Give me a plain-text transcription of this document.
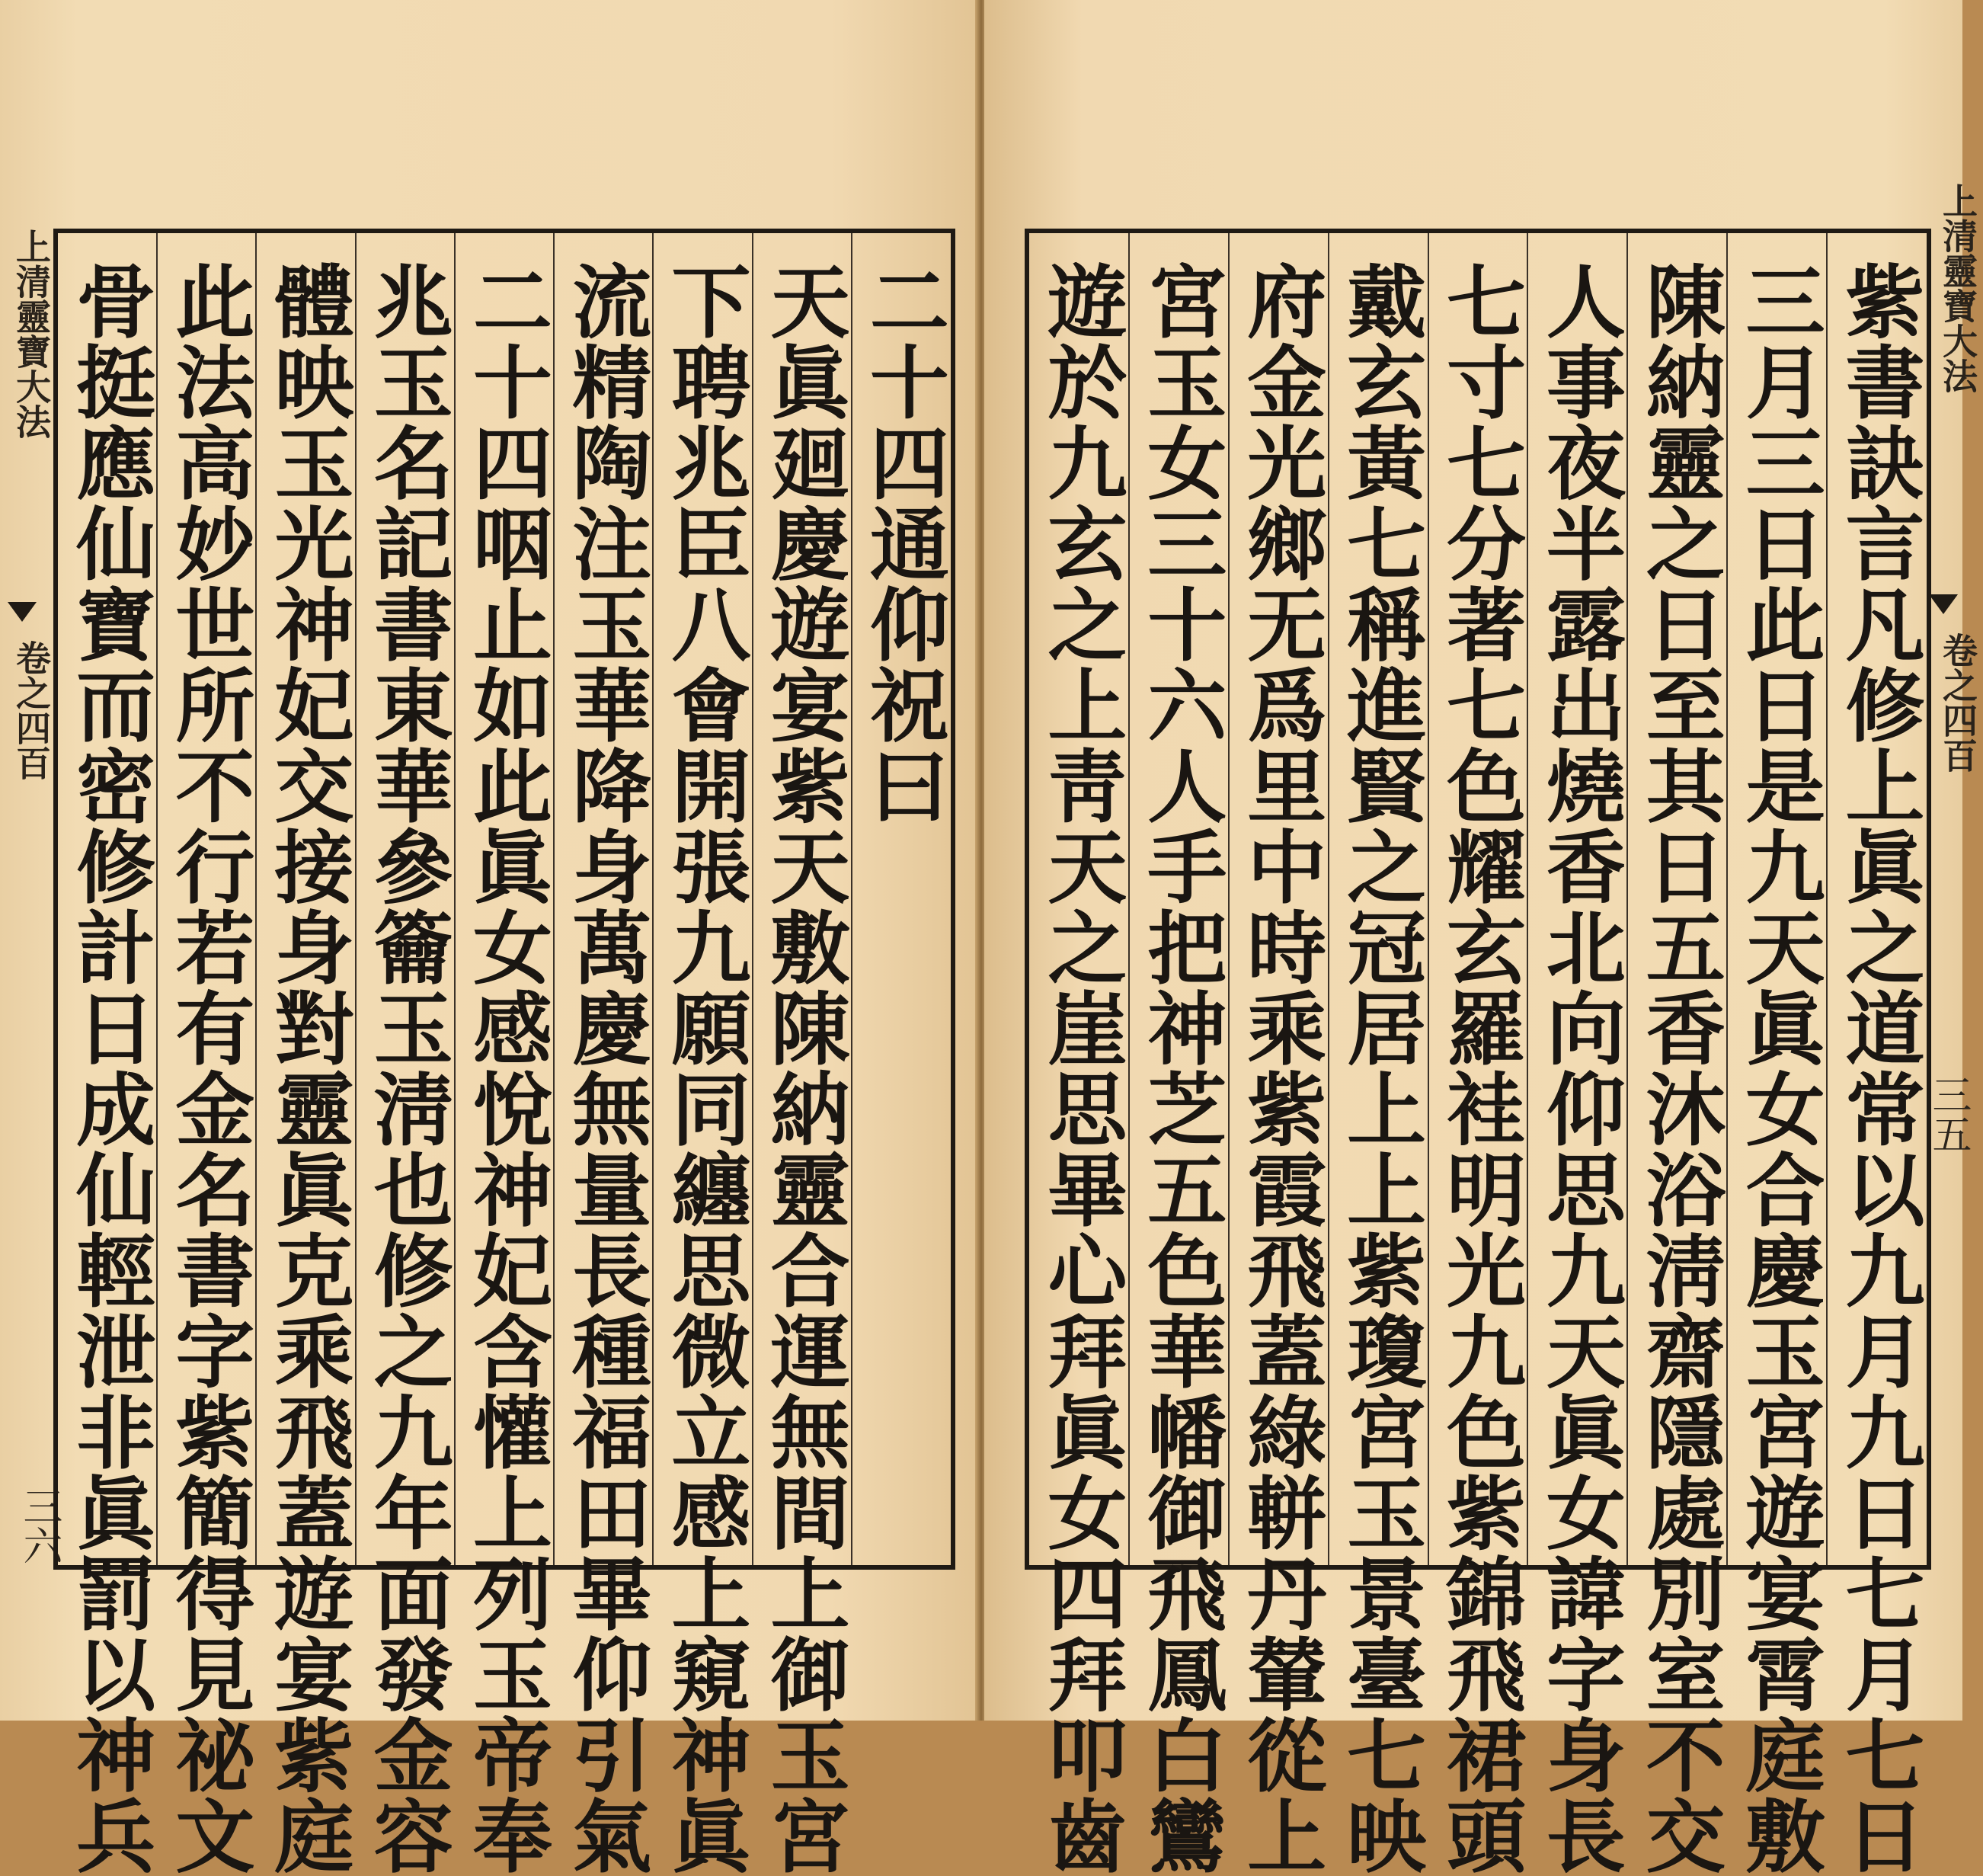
上清靈寶大法
卷之四百
三六
二十四通仰祝曰
天眞廻慶遊宴紫天敷陳納靈合運無間上御玉宮
下聘兆臣八會開張九願同纏思微立感上窺神眞
流精陶注玉華降身萬慶無量長種福田畢仰引氣
二十四咽止如此眞女感悅神妃含懽上列玉帝奉
兆玉名記書東華參籥玉淸也修之九年面發金容
體映玉光神妃交接身對靈眞克乘飛蓋遊宴紫庭
此法高妙世所不行若有金名書字紫簡得見祕文
骨挺應仙寶而密修計日成仙輕泄非眞罰以神兵	上清靈寶大法
卷之四百
三五
紫書訣言凡修上眞之道常以九月九日七月七日
三月三日此日是九天眞女合慶玉宮遊宴霄庭敷
陳納靈之日至其日五香沐浴淸齋隱處別室不交
人事夜半露出燒香北向仰思九天眞女諱字身長
七寸七分著七色耀玄羅袿明光九色紫錦飛裙頭
戴玄黃七稱進賢之冠居上上紫瓊宮玉景臺七映
府金光鄉无爲里中時乘紫霞飛蓋綠軿丹輦從上
宮玉女三十六人手把神芝五色華幡御飛鳳白鸞
遊於九玄之上靑天之崖思畢心拜眞女四拜叩齒
